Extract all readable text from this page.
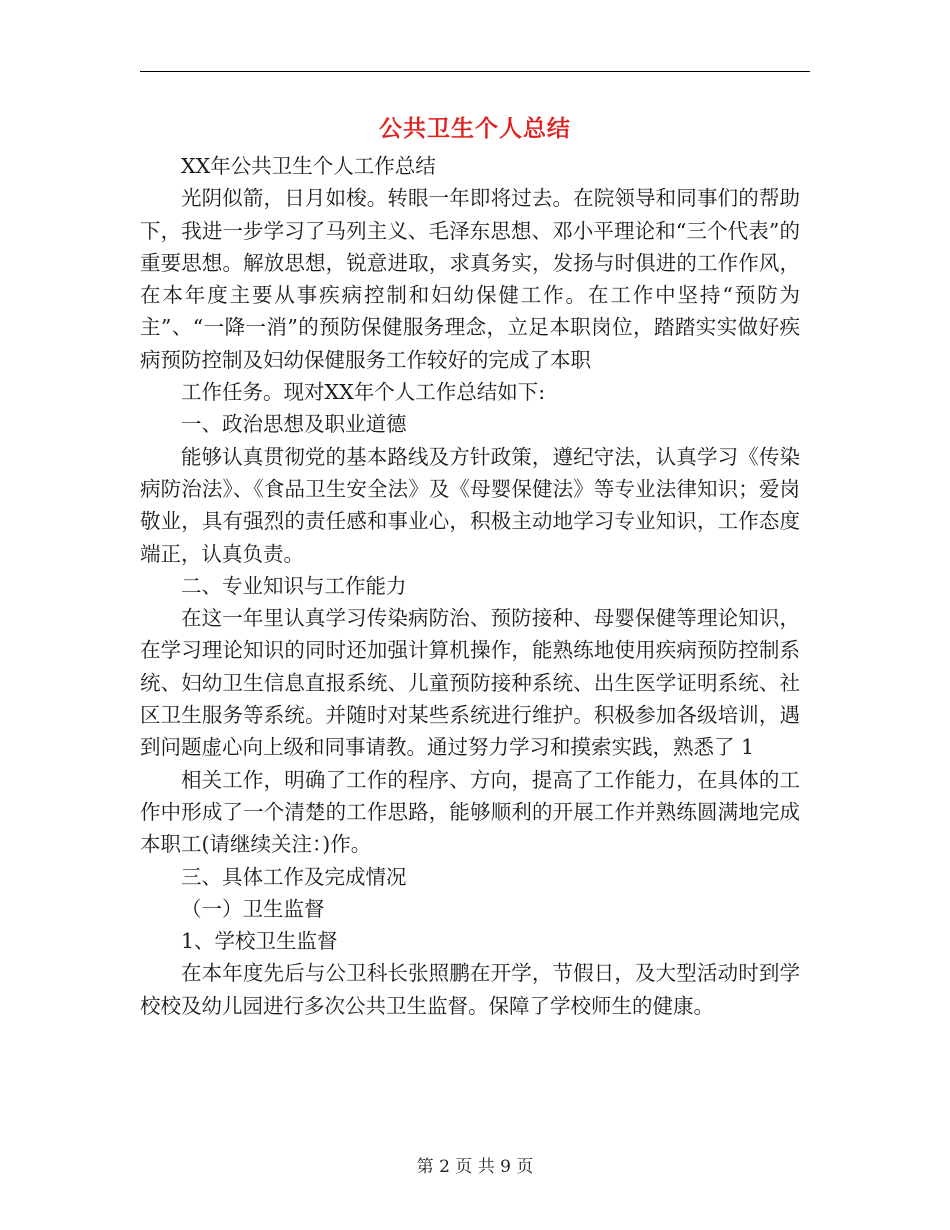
公共卫生个人总结

XX年公共卫生个人工作总结

光阴似箭，日月如梭。转眼一年即将过去。在院领导和同事们的帮助下，我进一步学习了马列主义、毛泽东思想、邓小平理论和“三个代表”的重要思想。解放思想，锐意进取，求真务实，发扬与时俱进的工作作风，在本年度主要从事疾病控制和妇幼保健工作。在工作中坚持“预防为主”、“一降一消”的预防保健服务理念，立足本职岗位，踏踏实实做好疾病预防控制及妇幼保健服务工作较好的完成了本职

工作任务。现对XX年个人工作总结如下:

一、政治思想及职业道德

能够认真贯彻党的基本路线及方针政策，遵纪守法，认真学习《传染病防治法》、《食品卫生安全法》及《母婴保健法》等专业法律知识；爱岗敬业，具有强烈的责任感和事业心，积极主动地学习专业知识，工作态度端正，认真负责。

二、专业知识与工作能力

在这一年里认真学习传染病防治、预防接种、母婴保健等理论知识，在学习理论知识的同时还加强计算机操作，能熟练地使用疾病预防控制系统、妇幼卫生信息直报系统、儿童预防接种系统、出生医学证明系统、社区卫生服务等系统。并随时对某些系统进行维护。积极参加各级培训，遇到问题虚心向上级和同事请教。通过努力学习和摸索实践，熟悉了 1

相关工作，明确了工作的程序、方向，提高了工作能力，在具体的工作中形成了一个清楚的工作思路，能够顺利的开展工作并熟练圆满地完成本职工(请继续关注：)作。

三、具体工作及完成情况

（一）卫生监督

1、学校卫生监督

在本年度先后与公卫科长张照鹏在开学，节假日，及大型活动时到学校校及幼儿园进行多次公共卫生监督。保障了学校师生的健康。

第 2 页 共 9 页
